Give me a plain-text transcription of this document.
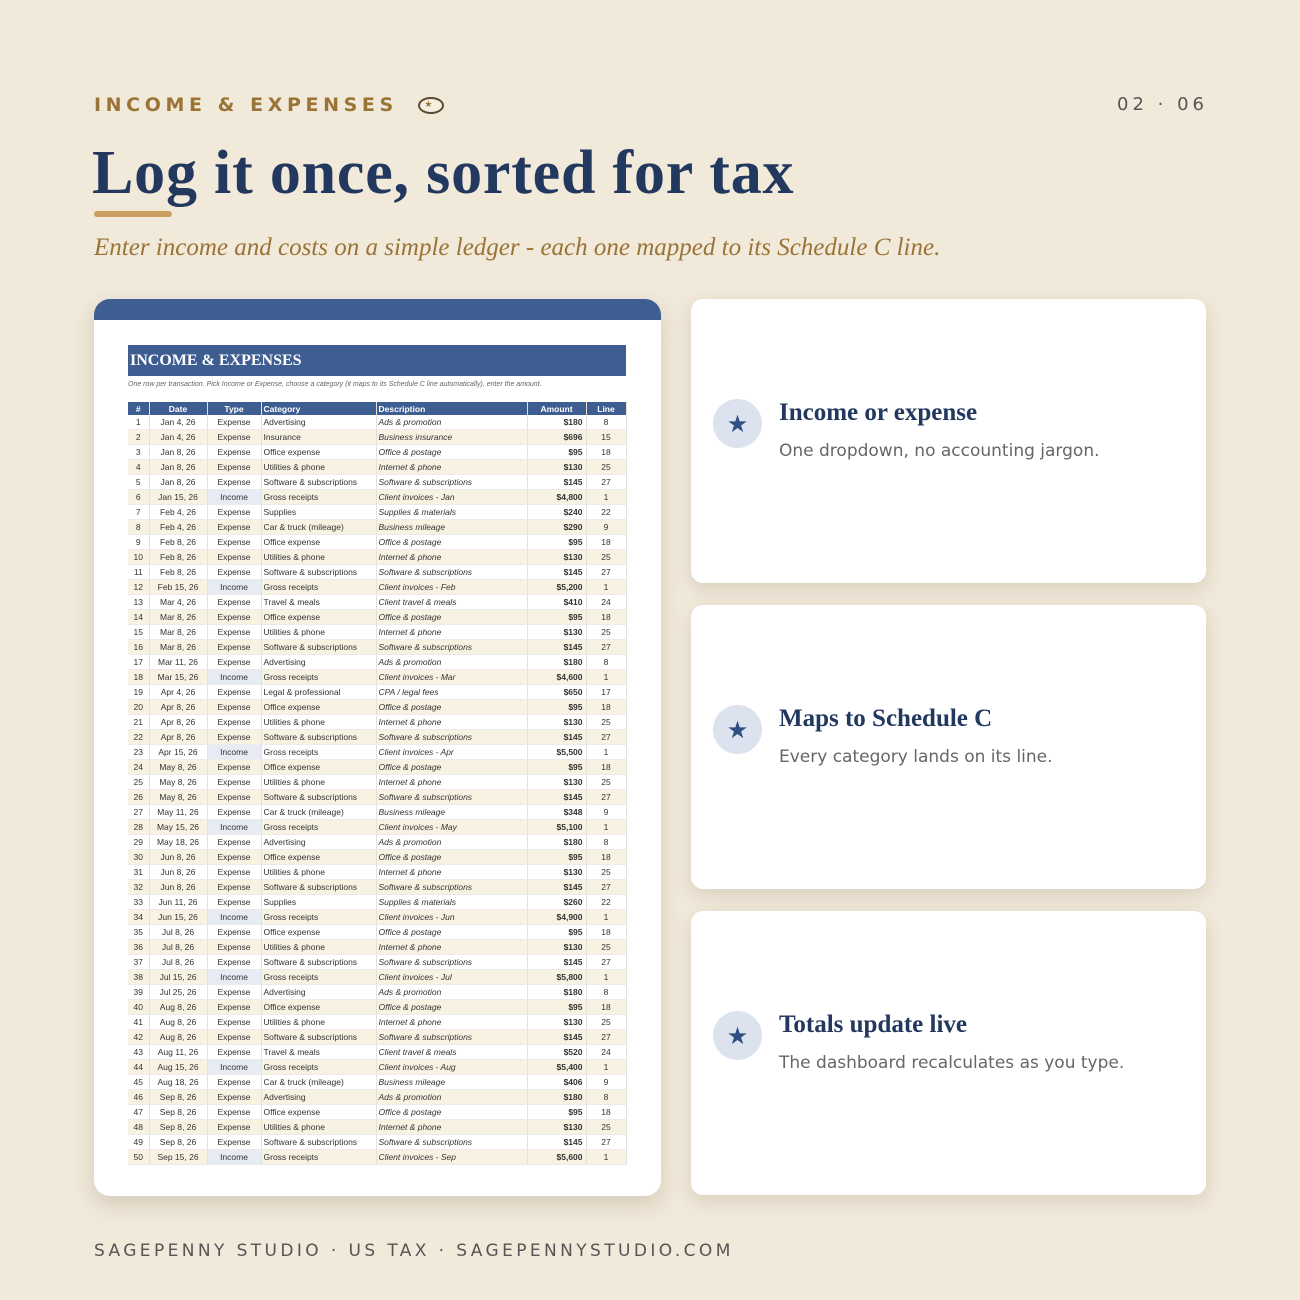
INCOME & EXPENSES	★	02 · 06
Log it once, sorted for tax
Enter income and costs on a simple ledger - each one mapped to its Schedule C line.
INCOME & EXPENSES
One row per transaction. Pick Income or Expense, choose a category (it maps to its Schedule C line automatically), enter the amount.
#	Date	Type	Category	Description	Amount	Line
1	Jan 4, 26	Expense	Advertising	Ads & promotion	$180	8
2	Jan 4, 26	Expense	Insurance	Business insurance	$696	15
3	Jan 8, 26	Expense	Office expense	Office & postage	$95	18
4	Jan 8, 26	Expense	Utilities & phone	Internet & phone	$130	25
5	Jan 8, 26	Expense	Software & subscriptions	Software & subscriptions	$145	27
6	Jan 15, 26	Income	Gross receipts	Client invoices - Jan	$4,800	1
7	Feb 4, 26	Expense	Supplies	Supplies & materials	$240	22
8	Feb 4, 26	Expense	Car & truck (mileage)	Business mileage	$290	9
9	Feb 8, 26	Expense	Office expense	Office & postage	$95	18
10	Feb 8, 26	Expense	Utilities & phone	Internet & phone	$130	25
11	Feb 8, 26	Expense	Software & subscriptions	Software & subscriptions	$145	27
12	Feb 15, 26	Income	Gross receipts	Client invoices - Feb	$5,200	1
13	Mar 4, 26	Expense	Travel & meals	Client travel & meals	$410	24
14	Mar 8, 26	Expense	Office expense	Office & postage	$95	18
15	Mar 8, 26	Expense	Utilities & phone	Internet & phone	$130	25
16	Mar 8, 26	Expense	Software & subscriptions	Software & subscriptions	$145	27
17	Mar 11, 26	Expense	Advertising	Ads & promotion	$180	8
18	Mar 15, 26	Income	Gross receipts	Client invoices - Mar	$4,600	1
19	Apr 4, 26	Expense	Legal & professional	CPA / legal fees	$650	17
20	Apr 8, 26	Expense	Office expense	Office & postage	$95	18
21	Apr 8, 26	Expense	Utilities & phone	Internet & phone	$130	25
22	Apr 8, 26	Expense	Software & subscriptions	Software & subscriptions	$145	27
23	Apr 15, 26	Income	Gross receipts	Client invoices - Apr	$5,500	1
24	May 8, 26	Expense	Office expense	Office & postage	$95	18
25	May 8, 26	Expense	Utilities & phone	Internet & phone	$130	25
26	May 8, 26	Expense	Software & subscriptions	Software & subscriptions	$145	27
27	May 11, 26	Expense	Car & truck (mileage)	Business mileage	$348	9
28	May 15, 26	Income	Gross receipts	Client invoices - May	$5,100	1
29	May 18, 26	Expense	Advertising	Ads & promotion	$180	8
30	Jun 8, 26	Expense	Office expense	Office & postage	$95	18
31	Jun 8, 26	Expense	Utilities & phone	Internet & phone	$130	25
32	Jun 8, 26	Expense	Software & subscriptions	Software & subscriptions	$145	27
33	Jun 11, 26	Expense	Supplies	Supplies & materials	$260	22
34	Jun 15, 26	Income	Gross receipts	Client invoices - Jun	$4,900	1
35	Jul 8, 26	Expense	Office expense	Office & postage	$95	18
36	Jul 8, 26	Expense	Utilities & phone	Internet & phone	$130	25
37	Jul 8, 26	Expense	Software & subscriptions	Software & subscriptions	$145	27
38	Jul 15, 26	Income	Gross receipts	Client invoices - Jul	$5,800	1
39	Jul 25, 26	Expense	Advertising	Ads & promotion	$180	8
40	Aug 8, 26	Expense	Office expense	Office & postage	$95	18
41	Aug 8, 26	Expense	Utilities & phone	Internet & phone	$130	25
42	Aug 8, 26	Expense	Software & subscriptions	Software & subscriptions	$145	27
43	Aug 11, 26	Expense	Travel & meals	Client travel & meals	$520	24
44	Aug 15, 26	Income	Gross receipts	Client invoices - Aug	$5,400	1
45	Aug 18, 26	Expense	Car & truck (mileage)	Business mileage	$406	9
46	Sep 8, 26	Expense	Advertising	Ads & promotion	$180	8
47	Sep 8, 26	Expense	Office expense	Office & postage	$95	18
48	Sep 8, 26	Expense	Utilities & phone	Internet & phone	$130	25
49	Sep 8, 26	Expense	Software & subscriptions	Software & subscriptions	$145	27
50	Sep 15, 26	Income	Gross receipts	Client invoices - Sep	$5,600	1
★	Income or expense
One dropdown, no accounting jargon.
★	Maps to Schedule C
Every category lands on its line.
★	Totals update live
The dashboard recalculates as you type.
SAGEPENNY STUDIO · US TAX · SAGEPENNYSTUDIO.COM
